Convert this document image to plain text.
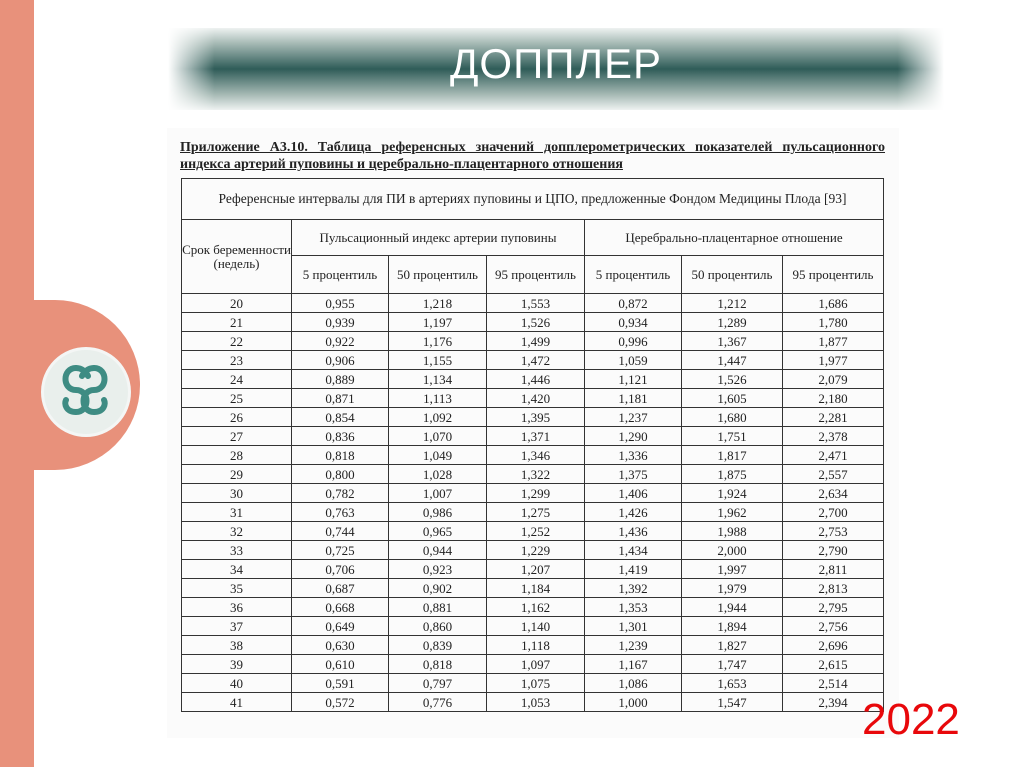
ДОППЛЕР
Приложение А3.10. Таблица референсных значений допплерометрических показателей пульсационного индекса артерий пуповины и церебрально-плацентарного отношения
Референсные интервалы для ПИ в артериях пуповины и ЦПО, предложенные Фондом Медицины Плода [93]						
Срок беременности (недель)	Пульсационный индекс артерии пуповины			Церебрально-плацентарное отношение		
	5 процентиль	50 процентиль	95 процентиль	5 процентиль	50 процентиль	95 процентиль
20	0,955	1,218	1,553	0,872	1,212	1,686
21	0,939	1,197	1,526	0,934	1,289	1,780
22	0,922	1,176	1,499	0,996	1,367	1,877
23	0,906	1,155	1,472	1,059	1,447	1,977
24	0,889	1,134	1,446	1,121	1,526	2,079
25	0,871	1,113	1,420	1,181	1,605	2,180
26	0,854	1,092	1,395	1,237	1,680	2,281
27	0,836	1,070	1,371	1,290	1,751	2,378
28	0,818	1,049	1,346	1,336	1,817	2,471
29	0,800	1,028	1,322	1,375	1,875	2,557
30	0,782	1,007	1,299	1,406	1,924	2,634
31	0,763	0,986	1,275	1,426	1,962	2,700
32	0,744	0,965	1,252	1,436	1,988	2,753
33	0,725	0,944	1,229	1,434	2,000	2,790
34	0,706	0,923	1,207	1,419	1,997	2,811
35	0,687	0,902	1,184	1,392	1,979	2,813
36	0,668	0,881	1,162	1,353	1,944	2,795
37	0,649	0,860	1,140	1,301	1,894	2,756
38	0,630	0,839	1,118	1,239	1,827	2,696
39	0,610	0,818	1,097	1,167	1,747	2,615
40	0,591	0,797	1,075	1,086	1,653	2,514
41	0,572	0,776	1,053	1,000	1,547	2,394 2022
